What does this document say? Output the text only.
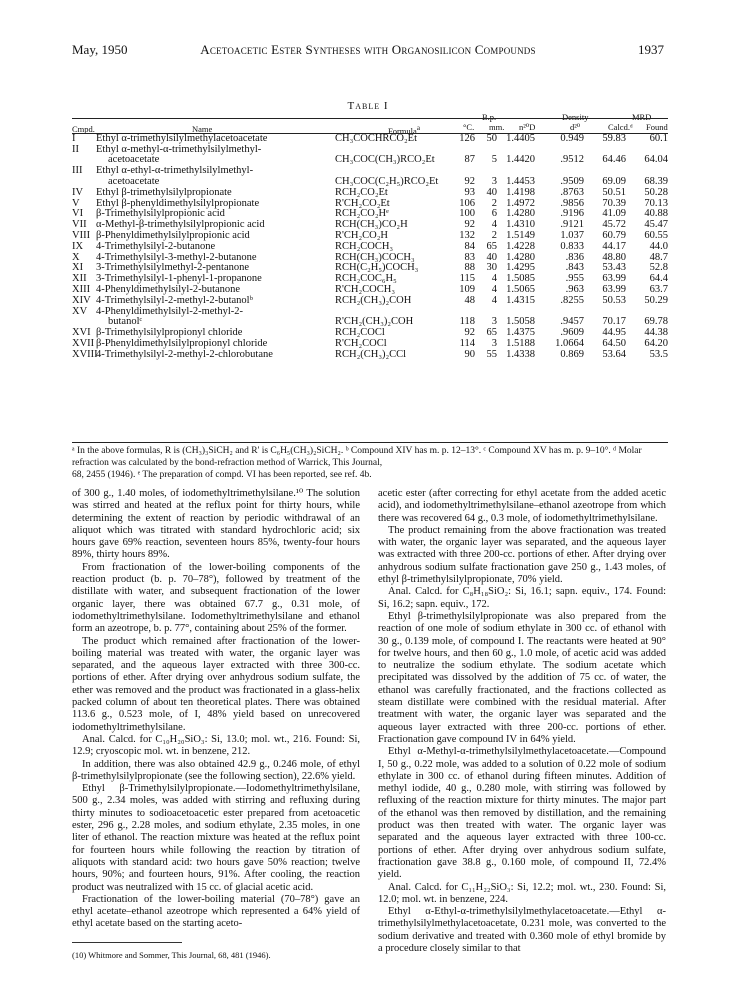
May, 1950	Acetoacetic Ester Syntheses with Organosilicon Compounds	1937
Table I
Cmpd.	Name	Formula$^a$
B.p.
°C. mm. n²⁰D
Density
d²⁰
MRD
Calcd.ᵈ Found
I Ethyl α-trimethylsilylmethylacetoacetate	CH₃COCHRCO₂Et	126	50 1.4405	0.949	59.83	60.1
II Ethyl α-methyl-α-trimethylsilylmethyl-
acetoacetate	CH₃COC(CH₃)RCO₂Et	87	5 1.4420	.9512	64.46	64.04
III Ethyl α-ethyl-α-trimethylsilylmethyl-
acetoacetate	CH₃COC(C₂H₅)RCO₂Et	92	3 1.4453	.9509	69.09	68.39
IV Ethyl β-trimethylsilylpropionate	RCH₂CO₂Et	93	40 1.4198	.8763	50.51	50.28
V Ethyl β-phenyldimethylsilylpropionate	R'CH₂CO₂Et	106	2 1.4972	.9856	70.39	70.13
VI β-Trimethylsilylpropionic acid	RCH₂CO₂Hᵉ	100	6 1.4280	.9196	41.09	40.88
VII α-Methyl-β-trimethylsilylpropionic acid	RCH(CH₃)CO₂H	92	4 1.4310	.9121	45.72	45.47
VIII β-Phenyldimethylsilylpropionic acid	R'CH₂CO₂H	132	2 1.5149	1.037	60.79	60.55
IX 4-Trimethylsilyl-2-butanone	RCH₂COCH₃	84	65 1.4228	0.833	44.17	44.0
X 4-Trimethylsilyl-3-methyl-2-butanone	RCH(CH₃)COCH₃	83	40 1.4280	.836	48.80	48.7
XI 3-Trimethylsilylmethyl-2-pentanone	RCH(C₂H₅)COCH₃	88	30 1.4295	.843	53.43	52.8
XII 3-Trimethylsilyl-1-phenyl-1-propanone	RCH₂COC₆H₅	115	4 1.5085	.955	63.99	64.4
XIII 4-Phenyldimethylsilyl-2-butanone	R'CH₂COCH₃	109	4 1.5065	.963	63.99	63.7
XIV 4-Trimethylsilyl-2-methyl-2-butanolᵇ	RCH₂(CH₃)₂COH	48	4 1.4315	.8255	50.53	50.29
XV 4-Phenyldimethylsilyl-2-methyl-2-
butanolᶜ	R'CH₂(CH₃)₂COH	118	3 1.5058	.9457	70.17	69.78
XVI β-Trimethylsilylpropionyl chloride	RCH₂COCl	92	65 1.4375	.9609	44.95	44.38
XVII β-Phenyldimethylsilylpropionyl chloride	R'CH₂COCl	114	3 1.5188	1.0664	64.50	64.20
XVIII
4-Trimethylsilyl-2-methyl-2-chlorobutane	RCH₂(CH₃)₂CCl	90	55 1.4338	0.869	53.64	53.5
ᵃ In the above formulas, R is (CH₃)₃SiCH₂ and R' is C₆H₅(CH₃)₂SiCH₂. ᵇ Compound XIV has m. p. 12–13°. ᶜ Compound XV has m. p. 9–10°. ᵈ Molar refraction was calculated by the bond-refraction method of Warrick, This Journal,
68, 2455 (1946). ᵉ The preparation of compd. VI has been reported, see ref. 4b.

of 300 g., 1.40 moles, of iodomethyltrimethylsilane.¹⁰ The solution was stirred and heated at the reflux point for thirty hours, while determining the extent of reaction by periodic withdrawal of an aliquot which was titrated with standard hydrochloric acid; six hours gave 69% reaction, seventeen hours 85%, twenty-four hours 89%, thirty hours 89%.

From fractionation of the lower-boiling components of the reaction product (b. p. 70–78°), followed by treatment of the distillate with water, and subsequent fractionation of the lower organic layer, there was obtained 67.7 g., 0.31 mole, of iodomethyltrimethylsilane. Iodomethyltrimethylsilane and ethanol form an azeotrope, b. p. 77°, containing about 25% of the former.

The product which remained after fractionation of the lower-boiling material was treated with water, the organic layer was separated, and the aqueous layer extracted with three 300-cc. portions of ether. After drying over anhydrous sodium sulfate, the ether was removed and the product was fractionated in a glass-helix packed column of about ten theoretical plates. There was obtained 113.6 g., 0.523 mole, of I, 48% yield based on unrecovered iodomethyltrimethylsilane.

Anal. Calcd. for C₁₀H₂₀SiO₃: Si, 13.0; mol. wt., 216. Found: Si, 12.9; cryoscopic mol. wt. in benzene, 212.

In addition, there was also obtained 42.9 g., 0.246 mole, of ethyl β-trimethylsilylpropionate (see the following section), 22.6% yield.

Ethyl β-Trimethylsilylpropionate.—Iodomethyltrimethylsilane, 500 g., 2.34 moles, was added with stirring and refluxing during thirty minutes to sodioacetoacetic ester prepared from acetoacetic ester, 296 g., 2.28 moles, and sodium ethylate, 2.35 moles, in one liter of ethanol. The reaction mixture was heated at the reflux point for fourteen hours while following the reaction by titration of aliquots with standard acid: two hours gave 50% reaction; twelve hours, 90%; and fourteen hours, 91%. After cooling, the reaction product was neutralized with 15 cc. of glacial acetic acid.

Fractionation of the lower-boiling material (70–78°) gave an ethyl acetate–ethanol azeotrope which represented a 64% yield of ethyl acetate based on the starting aceto-

acetic ester (after correcting for ethyl acetate from the added acetic acid), and iodomethyltrimethylsilane–ethanol azeotrope from which there was recovered 64 g., 0.3 mole, of iodomethyltrimethylsilane.

The product remaining from the above fractionation was treated with water, the organic layer was separated, and the aqueous layer was extracted with three 200-cc. portions of ether. After drying over anhydrous sodium sulfate fractionation gave 250 g., 1.43 moles, of ethyl β-trimethylsilylpropionate, 70% yield.

Anal. Calcd. for C₈H₁₈SiO₂: Si, 16.1; sapn. equiv., 174. Found: Si, 16.2; sapn. equiv., 172.

Ethyl β-trimethylsilylpropionate was also prepared from the reaction of one mole of sodium ethylate in 300 cc. of ethanol with 30 g., 0.139 mole, of compound I. The reactants were heated at 90° for twelve hours, and then 60 g., 1.0 mole, of acetic acid was added to neutralize the sodium ethylate. The sodium acetate which precipitated was dissolved by the addition of 75 cc. of water, the ethanol was carefully fractionated, and the fractions collected as steam distillate were combined with the residual material. After treatment with water, the organic layer was separated and the aqueous layer extracted with three 200-cc. portions of ether. Fractionation gave compound IV in 64% yield.

Ethyl α-Methyl-α-trimethylsilylmethylacetoacetate.—Compound I, 50 g., 0.22 mole, was added to a solution of 0.22 mole of sodium ethylate in 300 cc. of ethanol during fifteen minutes. Addition of methyl iodide, 40 g., 0.280 mole, with stirring was followed by refluxing of the reaction mixture for thirty minutes. The major part of the ethanol was then removed by distillation, and the remaining product was then treated with water. The organic layer was separated and the aqueous layer extracted with three 100-cc. portions of ether. After drying over anhydrous sodium sulfate, fractionation gave 38.8 g., 0.160 mole, of compound II, 72.4% yield.

Anal. Calcd. for C₁₁H₂₂SiO₃: Si, 12.2; mol. wt., 230. Found: Si, 12.0; mol. wt. in benzene, 224.

Ethyl α-Ethyl-α-trimethylsilylmethylacetoacetate.—Ethyl α-trimethylsilylmethylacetoacetate, 0.231 mole, was converted to the sodium derivative and treated with 0.360 mole of ethyl bromide by a procedure closely similar to that

(10) Whitmore and Sommer, This Journal, 68, 481 (1946).
